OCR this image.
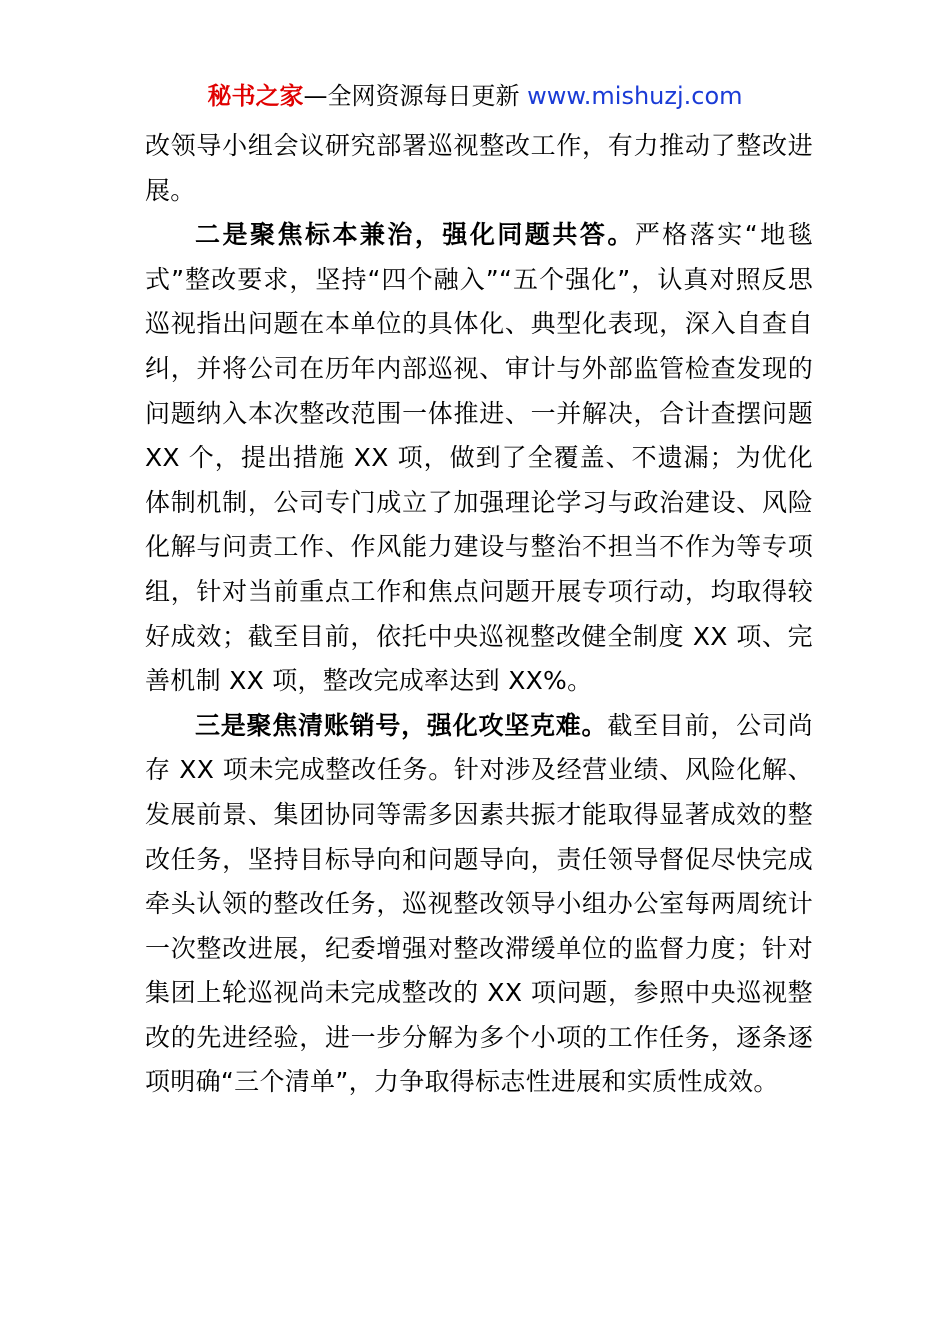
秘书之家—全网资源每日更新 www.mishuzj.com

改领导小组会议研究部署巡视整改工作，有力推动了整改进展。

二是聚焦标本兼治，强化同题共答。严格落实“地毯式”整改要求，坚持“四个融入”“五个强化”，认真对照反思巡视指出问题在本单位的具体化、典型化表现，深入自查自纠，并将公司在历年内部巡视、审计与外部监管检查发现的问题纳入本次整改范围一体推进、一并解决，合计查摆问题 XX 个，提出措施 XX 项，做到了全覆盖、不遗漏；为优化体制机制，公司专门成立了加强理论学习与政治建设、风险化解与问责工作、作风能力建设与整治不担当不作为等专项组，针对当前重点工作和焦点问题开展专项行动，均取得较好成效；截至目前，依托中央巡视整改健全制度 XX 项、完善机制 XX 项，整改完成率达到 XX%。

三是聚焦清账销号，强化攻坚克难。截至目前，公司尚存 XX 项未完成整改任务。针对涉及经营业绩、风险化解、发展前景、集团协同等需多因素共振才能取得显著成效的整改任务，坚持目标导向和问题导向，责任领导督促尽快完成牵头认领的整改任务，巡视整改领导小组办公室每两周统计一次整改进展，纪委增强对整改滞缓单位的监督力度；针对集团上轮巡视尚未完成整改的 XX 项问题，参照中央巡视整改的先进经验，进一步分解为多个小项的工作任务，逐条逐项明确“三个清单”，力争取得标志性进展和实质性成效。
